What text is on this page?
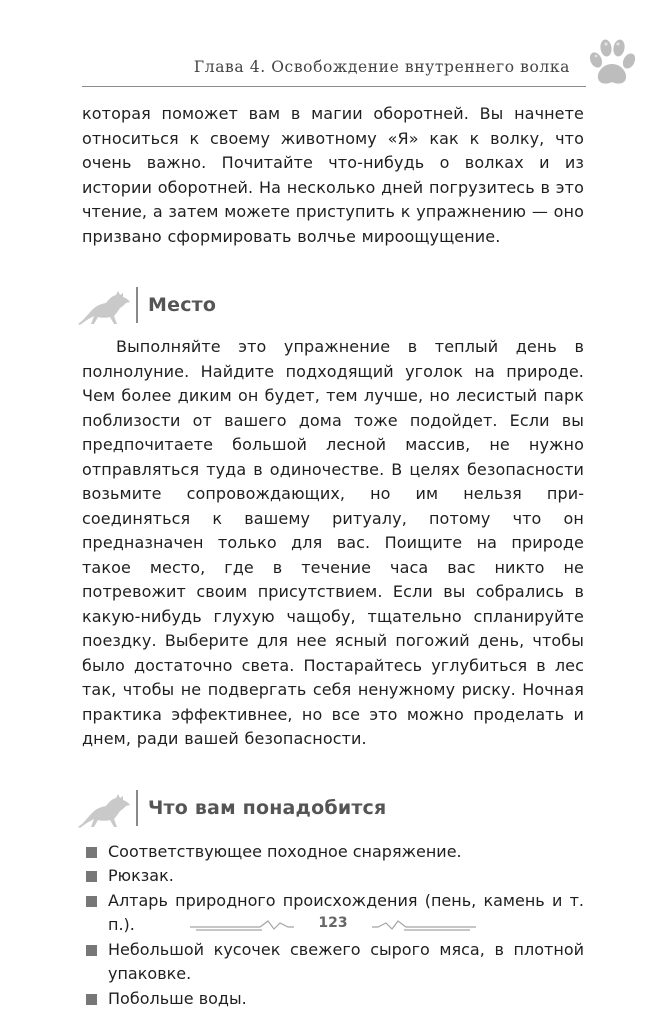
Глава 4. Освобождение внутреннего волка

которая поможет вам в магии оборотней. Вы начнете относиться к своему животному «Я» как к волку, что очень важно. Почитайте что-нибудь о волках и из истории оборотней. На несколько дней погрузитесь в это чтение, а затем можете приступить к упражнению — оно призвано сформировать волчье мироощущение.

Место

Выполняйте это упражнение в теплый день в полнолуние. Найдите подходящий уголок на природе. Чем более диким он будет, тем лучше, но лесистый парк поблизости от вашего дома тоже подойдет. Если вы предпочитаете большой лесной массив, не нужно отправляться туда в одиночестве. В целях безопасности возьмите сопровождающих, но им нельзя присоединяться к вашему ритуалу, потому что он предназначен только для вас. Поищите на природе такое место, где в течение часа вас никто не потревожит своим присутствием. Если вы собрались в какую-нибудь глухую чащобу, тщательно спланируйте поездку. Выберите для нее ясный погожий день, чтобы было достаточно света. Постарайтесь углубиться в лес так, чтобы не подвергать себя ненужному риску. Ночная практика эффективнее, но все это можно проделать и днем, ради вашей безопасности.

Что вам понадобится
Соответствующее походное снаряжение.
Рюкзак.
Алтарь природного происхождения (пень, камень и т. п.).
Небольшой кусочек свежего сырого мяса, в плотной упаковке.
Побольше воды.
123
